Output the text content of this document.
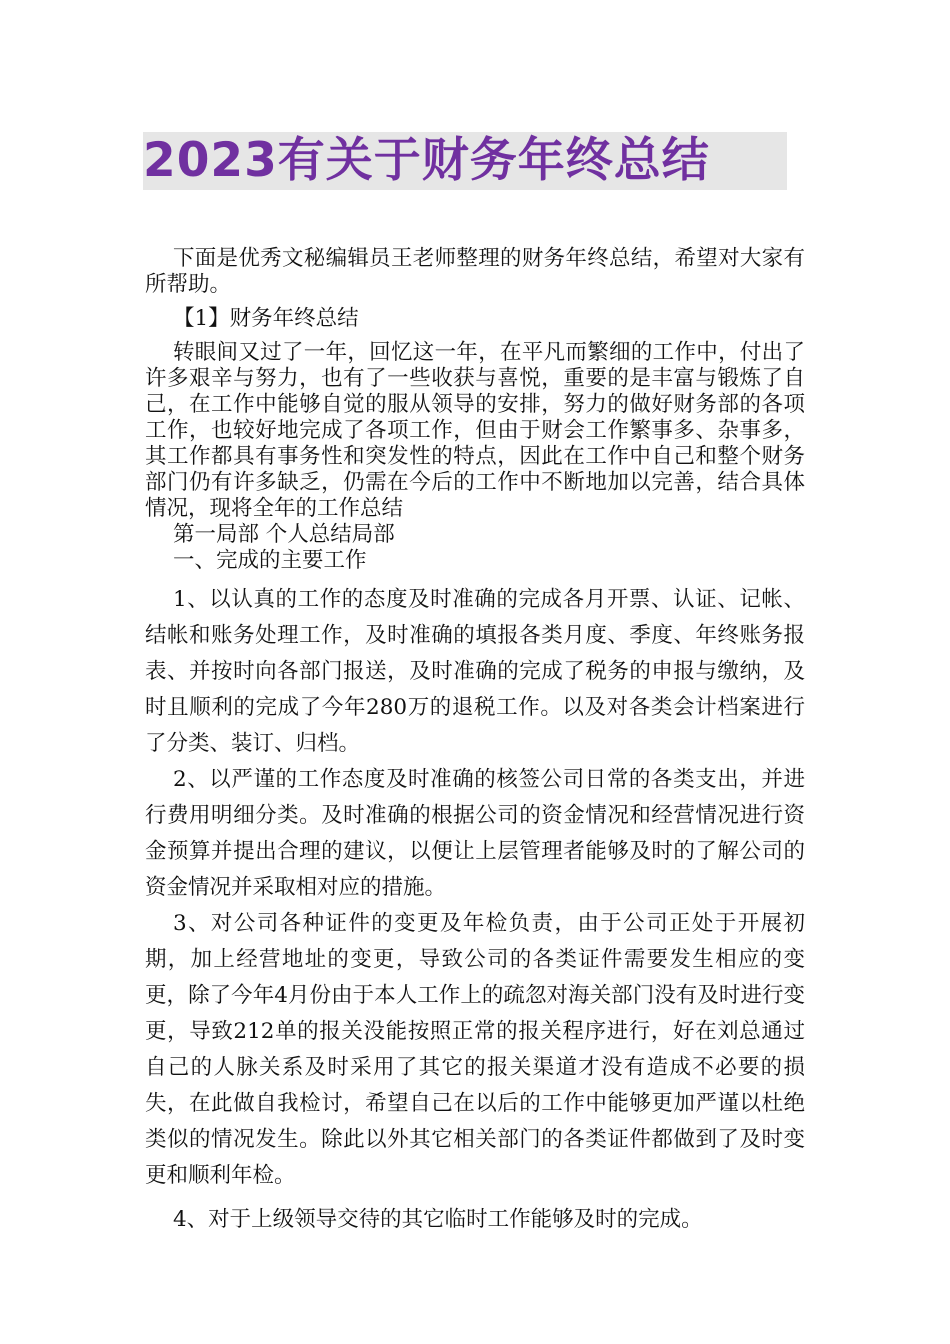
2023有关于财务年终总结

下面是优秀文秘编辑员王老师整理的财务年终总结，希望对大家有所帮助。

【1】财务年终总结

转眼间又过了一年，回忆这一年，在平凡而繁细的工作中，付出了许多艰辛与努力，也有了一些收获与喜悦，重要的是丰富与锻炼了自己，在工作中能够自觉的服从领导的安排，努力的做好财务部的各项工作，也较好地完成了各项工作，但由于财会工作繁事多、杂事多，其工作都具有事务性和突发性的特点，因此在工作中自己和整个财务部门仍有许多缺乏，仍需在今后的工作中不断地加以完善，结合具体情况，现将全年的工作总结

第一局部 个人总结局部

一、完成的主要工作

1、以认真的工作的态度及时准确的完成各月开票、认证、记帐、结帐和账务处理工作，及时准确的填报各类月度、季度、年终账务报表、并按时向各部门报送，及时准确的完成了税务的申报与缴纳，及时且顺利的完成了今年280万的退税工作。以及对各类会计档案进行了分类、装订、归档。

2、以严谨的工作态度及时准确的核签公司日常的各类支出，并进行费用明细分类。及时准确的根据公司的资金情况和经营情况进行资金预算并提出合理的建议，以便让上层管理者能够及时的了解公司的资金情况并采取相对应的措施。

3、对公司各种证件的变更及年检负责，由于公司正处于开展初期，加上经营地址的变更，导致公司的各类证件需要发生相应的变更，除了今年4月份由于本人工作上的疏忽对海关部门没有及时进行变更，导致212单的报关没能按照正常的报关程序进行，好在刘总通过自己的人脉关系及时采用了其它的报关渠道才没有造成不必要的损失，在此做自我检讨，希望自己在以后的工作中能够更加严谨以杜绝类似的情况发生。除此以外其它相关部门的各类证件都做到了及时变更和顺利年检。

4、对于上级领导交待的其它临时工作能够及时的完成。
